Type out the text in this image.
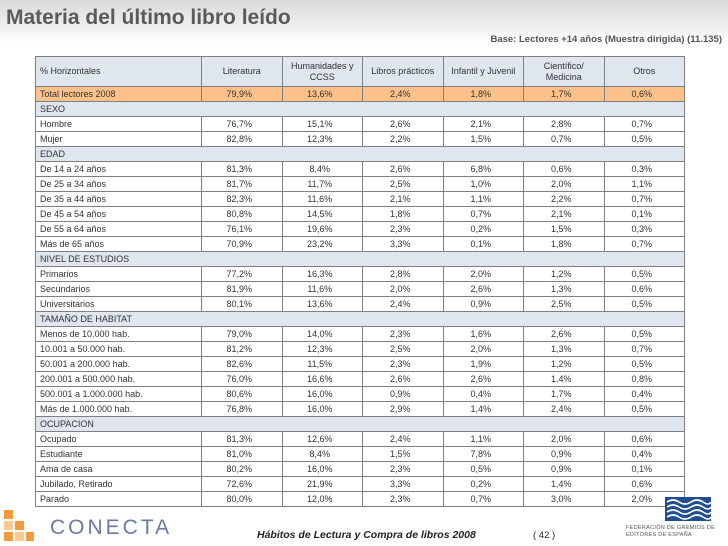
Materia del último libro leído
Base: Lectores +14 años (Muestra dirigida) (11.135)
% Horizontales	Literatura	Humanidades y CCSS	Libros prácticos	Infantil y Juvenil	Científico/ Medicina	Otros
Total lectores 2008	79,9%	13,6%	2,4%	1,8%	1,7%	0,6%
SEXO						
Hombre	76,7%	15,1%	2,6%	2,1%	2,8%	0,7%
Mujer	82,8%	12,3%	2,2%	1,5%	0,7%	0,5%
EDAD						
De 14 a 24 años	81,3%	8,4%	2,6%	6,8%	0,6%	0,3%
De 25 a 34 años	81,7%	11,7%	2,5%	1,0%	2,0%	1,1%
De 35 a 44 años	82,3%	11,6%	2,1%	1,1%	2,2%	0,7%
De 45 a 54 años	80,8%	14,5%	1,8%	0,7%	2,1%	0,1%
De 55 a 64 años	76,1%	19,6%	2,3%	0,2%	1,5%	0,3%
Más de 65 años	70,9%	23,2%	3,3%	0,1%	1,8%	0,7%
NIVEL DE ESTUDIOS						
Primarios	77,2%	16,3%	2,8%	2,0%	1,2%	0,5%
Secundarios	81,9%	11,6%	2,0%	2,6%	1,3%	0,6%
Universitarios	80,1%	13,6%	2,4%	0,9%	2,5%	0,5%
TAMAÑO DE HABITAT						
Menos de 10.000 hab.	79,0%	14,0%	2,3%	1,6%	2,6%	0,5%
10.001 a 50.000 hab.	81,2%	12,3%	2,5%	2,0%	1,3%	0,7%
50.001 a 200.000 hab.	82,6%	11,5%	2,3%	1,9%	1,2%	0,5%
200.001 a 500.000 hab.	76,0%	16,6%	2,6%	2,6%	1,4%	0,8%
500.001 a 1.000.000 hab.	80,6%	16,0%	0,9%	0,4%	1,7%	0,4%
Más de 1.000.000 hab.	76,8%	16,0%	2,9%	1,4%	2,4%	0,5%
OCUPACION						
Ocupado	81,3%	12,6%	2,4%	1,1%	2,0%	0,6%
Estudiante	81,0%	8,4%	1,5%	7,8%	0,9%	0,4%
Ama de casa	80,2%	16,0%	2,3%	0,5%	0,9%	0,1%
Jubilado, Retirado	72,6%	21,9%	3,3%	0,2%	1,4%	0,6%
Parado	80,0%	12,0%	2,3%	0,7%	3,0%	2,0%
CONECTA	Hábitos de Lectura y Compra de libros 2008	( 42 )
FEDERACIÓN DE GREMIOS DE EDITORES DE ESPAÑA
